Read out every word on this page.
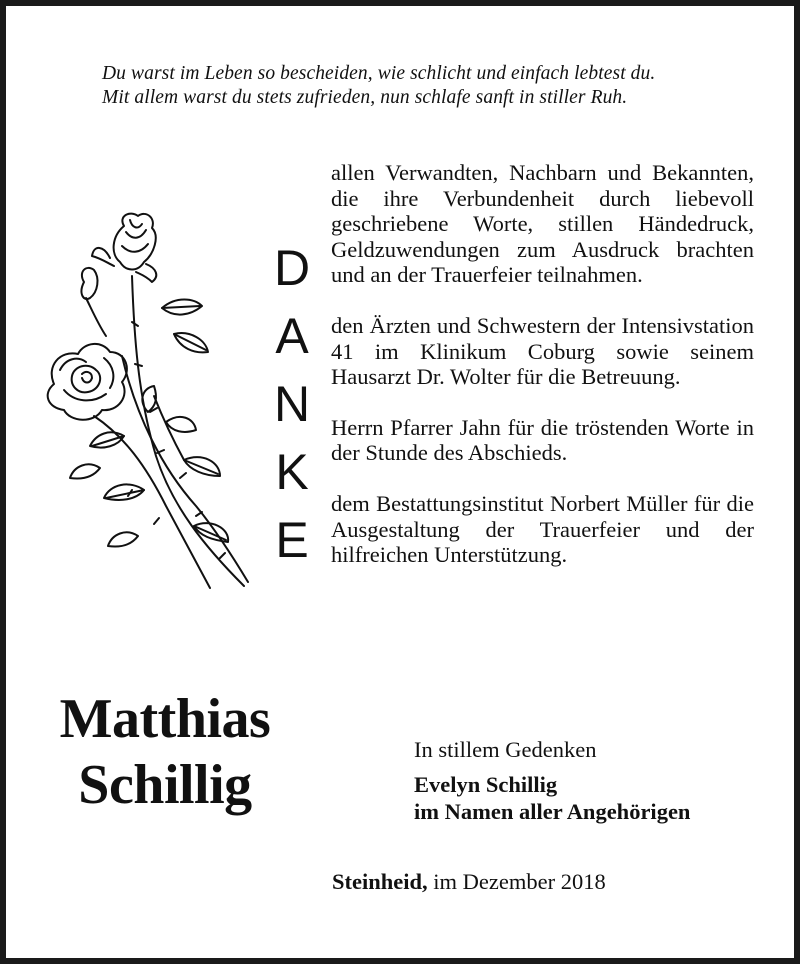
Du warst im Leben so bescheiden, wie schlicht und einfach lebtest du.
Mit allem warst du stets zufrieden, nun schlafe sanft in stiller Ruh.
D
A
N
K
E

allen Verwandten, Nachbarn und Bekannten, die ihre Verbundenheit durch liebevoll geschriebene Worte, stillen Händedruck, Geldzuwendungen zum Ausdruck brachten und an der Trauerfeier teilnahmen.

den Ärzten und Schwestern der Intensivstation 41 im Klinikum Coburg sowie seinem Hausarzt Dr. Wolter für die Betreuung.

Herrn Pfarrer Jahn für die tröstenden Worte in der Stunde des Abschieds.

dem Bestattungsinstitut Norbert Müller für die Ausgestaltung der Trauerfeier und der hilfreichen Unterstützung.

Matthias
Schillig
In stillem Gedenken
Evelyn Schillig
im Namen aller Angehörigen
Steinheid, im Dezember 2018
